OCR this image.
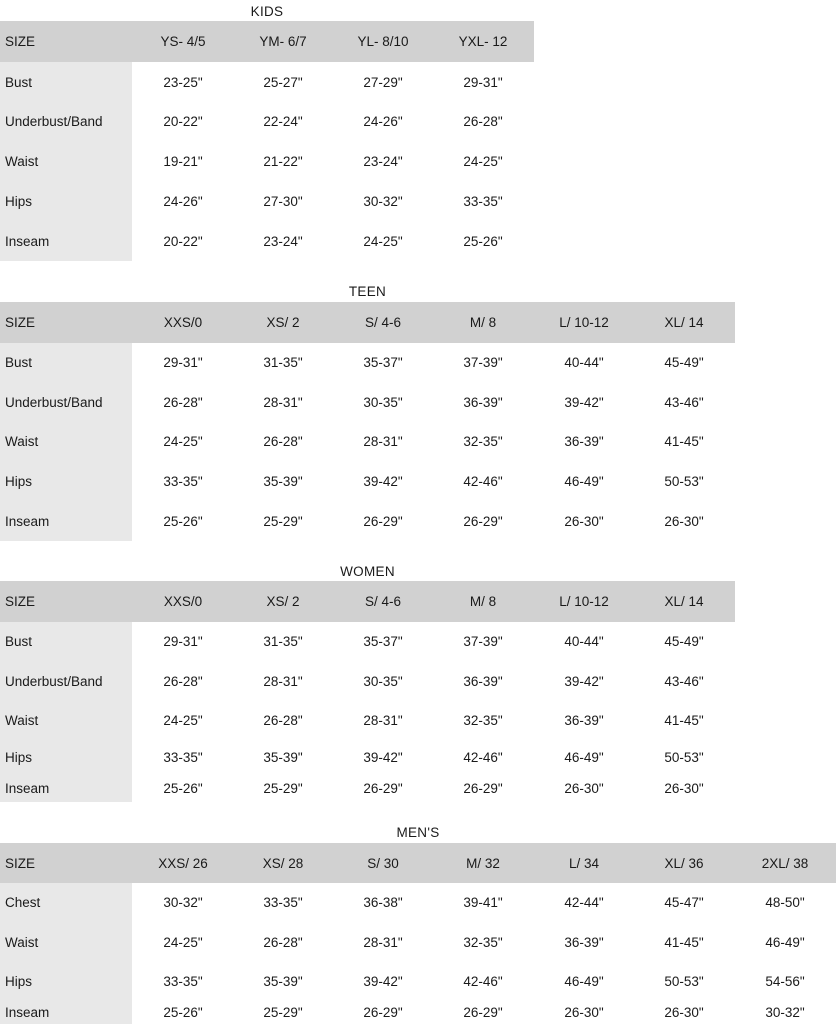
KIDS
SIZE	YS- 4/5	YM- 6/7	YL- 8/10	YXL- 12
Bust	23-25"	25-27"	27-29"	29-31"
Underbust/Band	20-22"	22-24"	24-26"	26-28"
Waist	19-21"	21-22"	23-24"	24-25"
Hips	24-26"	27-30"	30-32"	33-35"
Inseam	20-22"	23-24"	24-25"	25-26"
TEEN
SIZE	XXS/0	XS/ 2	S/ 4-6	M/ 8	L/ 10-12	XL/ 14
Bust	29-31"	31-35"	35-37"	37-39"	40-44"	45-49"
Underbust/Band	26-28"	28-31"	30-35"	36-39"	39-42"	43-46"
Waist	24-25"	26-28"	28-31"	32-35"	36-39"	41-45"
Hips	33-35"	35-39"	39-42"	42-46"	46-49"	50-53"
Inseam	25-26"	25-29"	26-29"	26-29"	26-30"	26-30"
WOMEN
SIZE	XXS/0	XS/ 2	S/ 4-6	M/ 8	L/ 10-12	XL/ 14
Bust	29-31"	31-35"	35-37"	37-39"	40-44"	45-49"
Underbust/Band	26-28"	28-31"	30-35"	36-39"	39-42"	43-46"
Waist	24-25"	26-28"	28-31"	32-35"	36-39"	41-45"
Hips	33-35"	35-39"	39-42"	42-46"	46-49"	50-53"
Inseam	25-26"	25-29"	26-29"	26-29"	26-30"	26-30"
MEN'S
SIZE	XXS/ 26	XS/ 28	S/ 30	M/ 32	L/ 34	XL/ 36	2XL/ 38
Chest	30-32"	33-35"	36-38"	39-41"	42-44"	45-47"	48-50"
Waist	24-25"	26-28"	28-31"	32-35"	36-39"	41-45"	46-49"
Hips	33-35"	35-39"	39-42"	42-46"	46-49"	50-53"	54-56"
Inseam	25-26"	25-29"	26-29"	26-29"	26-30"	26-30"	30-32"
